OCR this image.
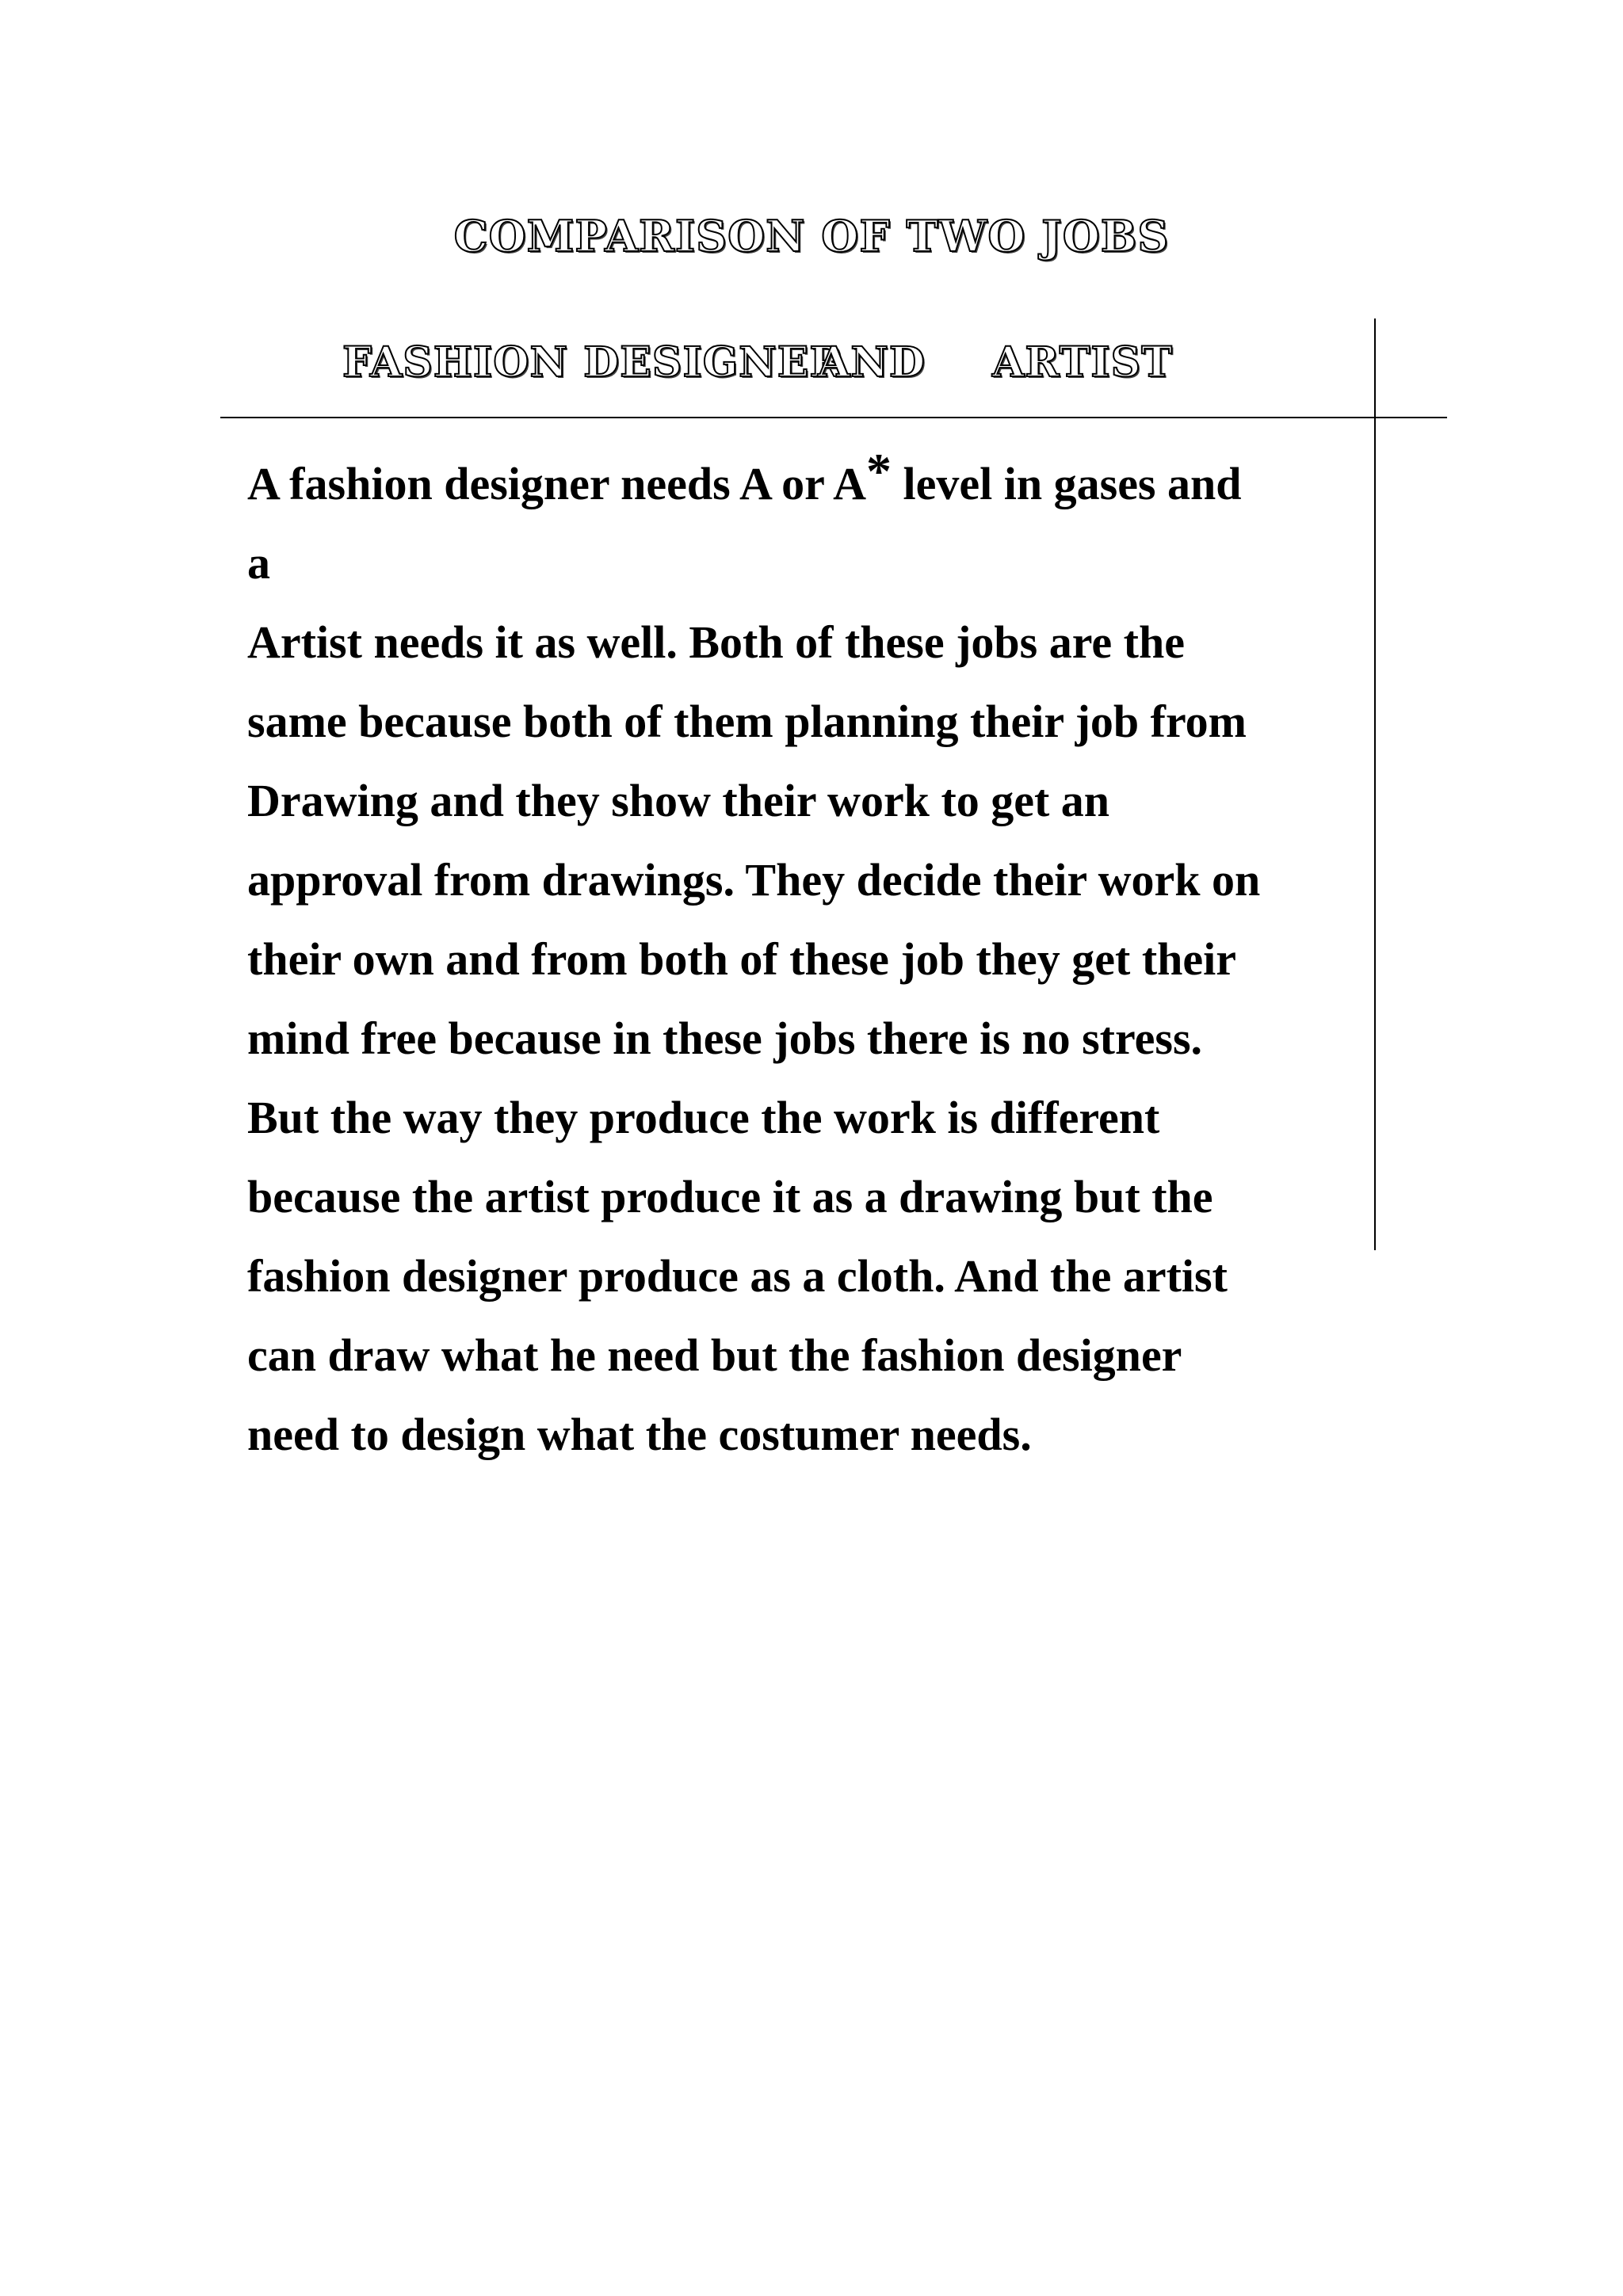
COMPARISON OF TWO JOBS
FASHION DESIGNER
AND ARTIST
A fashion designer needs A or A* level in gases and
a
Artist needs it as well. Both of these jobs are the
same because both of them planning their job from
Drawing and they show their work to get an
approval from drawings. They decide their work on
their own and from both of these job they get their
mind free because in these jobs there is no stress.
But the way they produce the work is different
because the artist produce it as a drawing but the
fashion designer produce as a cloth. And the artist
can draw what he need but the fashion designer
need to design what the costumer needs.
